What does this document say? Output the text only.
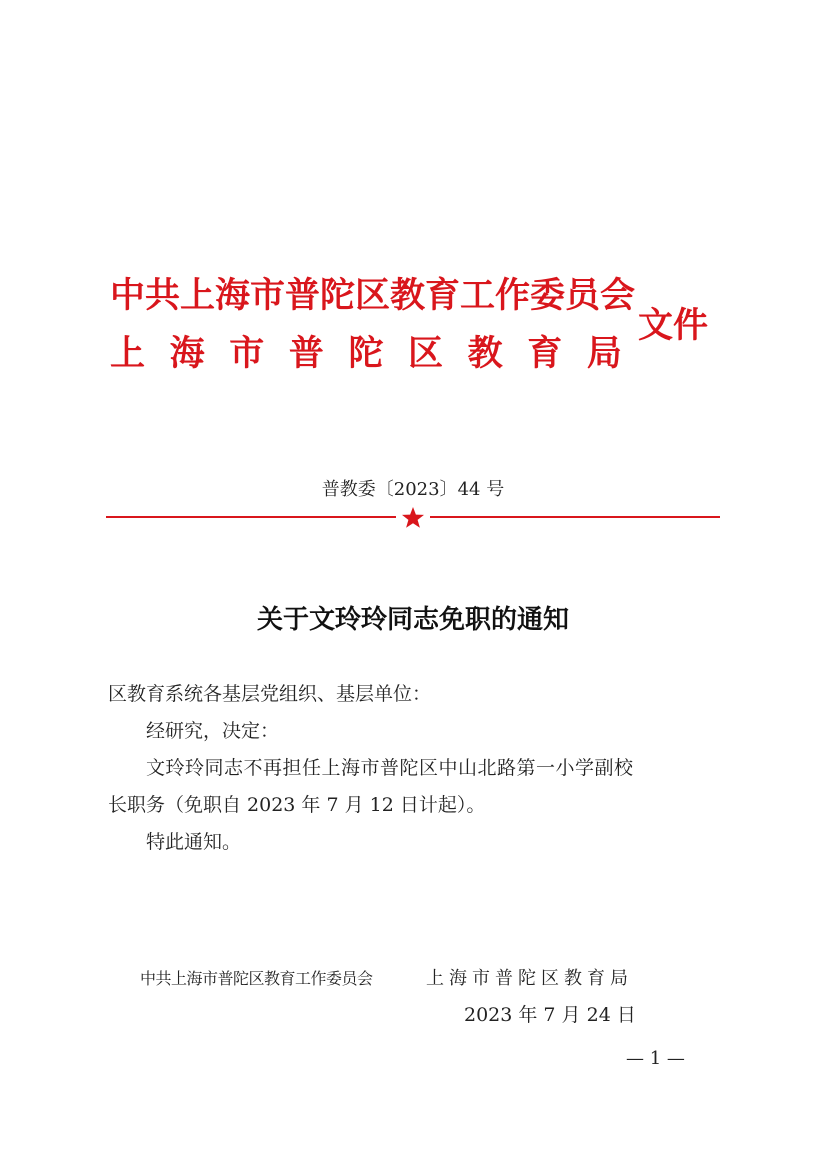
中共上海市普陀区教育工作委员会
上 海 市 普 陀 区 教 育 局
文件
普教委〔2023〕44 号
关于文玲玲同志免职的通知

区教育系统各基层党组织、基层单位：

经研究，决定：

文玲玲同志不再担任上海市普陀区中山北路第一小学副校

长职务（免职自 2023 年 7 月 12 日计起）。

特此通知。

中共上海市普陀区教育工作委员会	上海市普陀区教育局
2023 年 7 月 24 日
— 1 —
